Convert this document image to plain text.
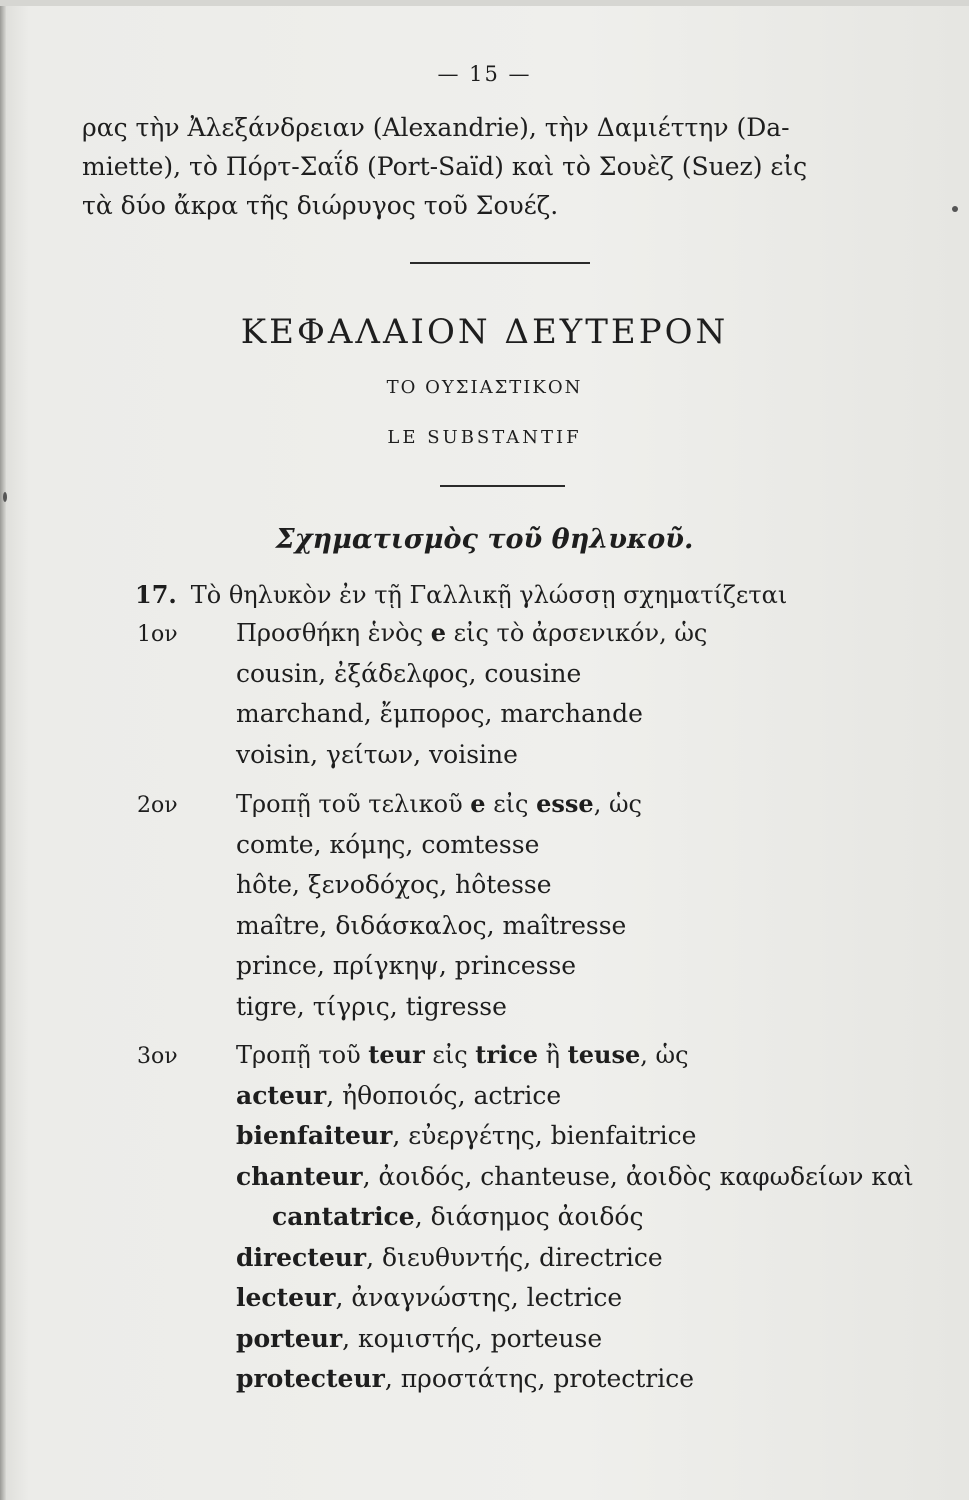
— 15 —

ρας τὴν Ἀλεξάνδρειαν (Alexandrie), τὴν Δαμιέττην (Da-

miette), τὸ Πόρτ-Σαΐδ (Port-Saïd) καὶ τὸ Σουὲζ (Suez) εἰς

τὰ δύο ἄκρα τῆς διώρυγος τοῦ Σουέζ.

ΚΕΦΑΛΑΙΟΝ ΔΕΥΤΕΡΟΝ
ΤΟ ΟΥΣΙΑΣΤΙΚΟΝ
LE SUBSTANTIF
Σχηματισμὸς τοῦ θηλυκοῦ.
17. Τὸ θηλυκὸν ἐν τῇ Γαλλικῇ γλώσσῃ σχηματίζεται
1ον Προσθήκη ἑνὸς e εἰς τὸ ἀρσενικόν, ὡς
cousin, ἐξάδελφος, cousine
marchand, ἔμπορος, marchande
voisin, γείτων, voisine
2ον Τροπῇ τοῦ τελικοῦ e εἰς esse, ὡς
comte, κόμης, comtesse
hôte, ξενοδόχος, hôtesse
maître, διδάσκαλος, maîtresse
prince, πρίγκηψ, princesse
tigre, τίγρις, tigresse
3ον Τροπῇ τοῦ teur εἰς trice ἢ teuse, ὡς
acteur, ἠθοποιός, actrice
bienfaiteur, εὐεργέτης, bienfaitrice
chanteur, ἀοιδός, chanteuse, ἀοιδὸς καφωδείων καὶ
cantatrice, διάσημος ἀοιδός
directeur, διευθυντής, directrice
lecteur, ἀναγνώστης, lectrice
porteur, κομιστής, porteuse
protecteur, προστάτης, protectrice
